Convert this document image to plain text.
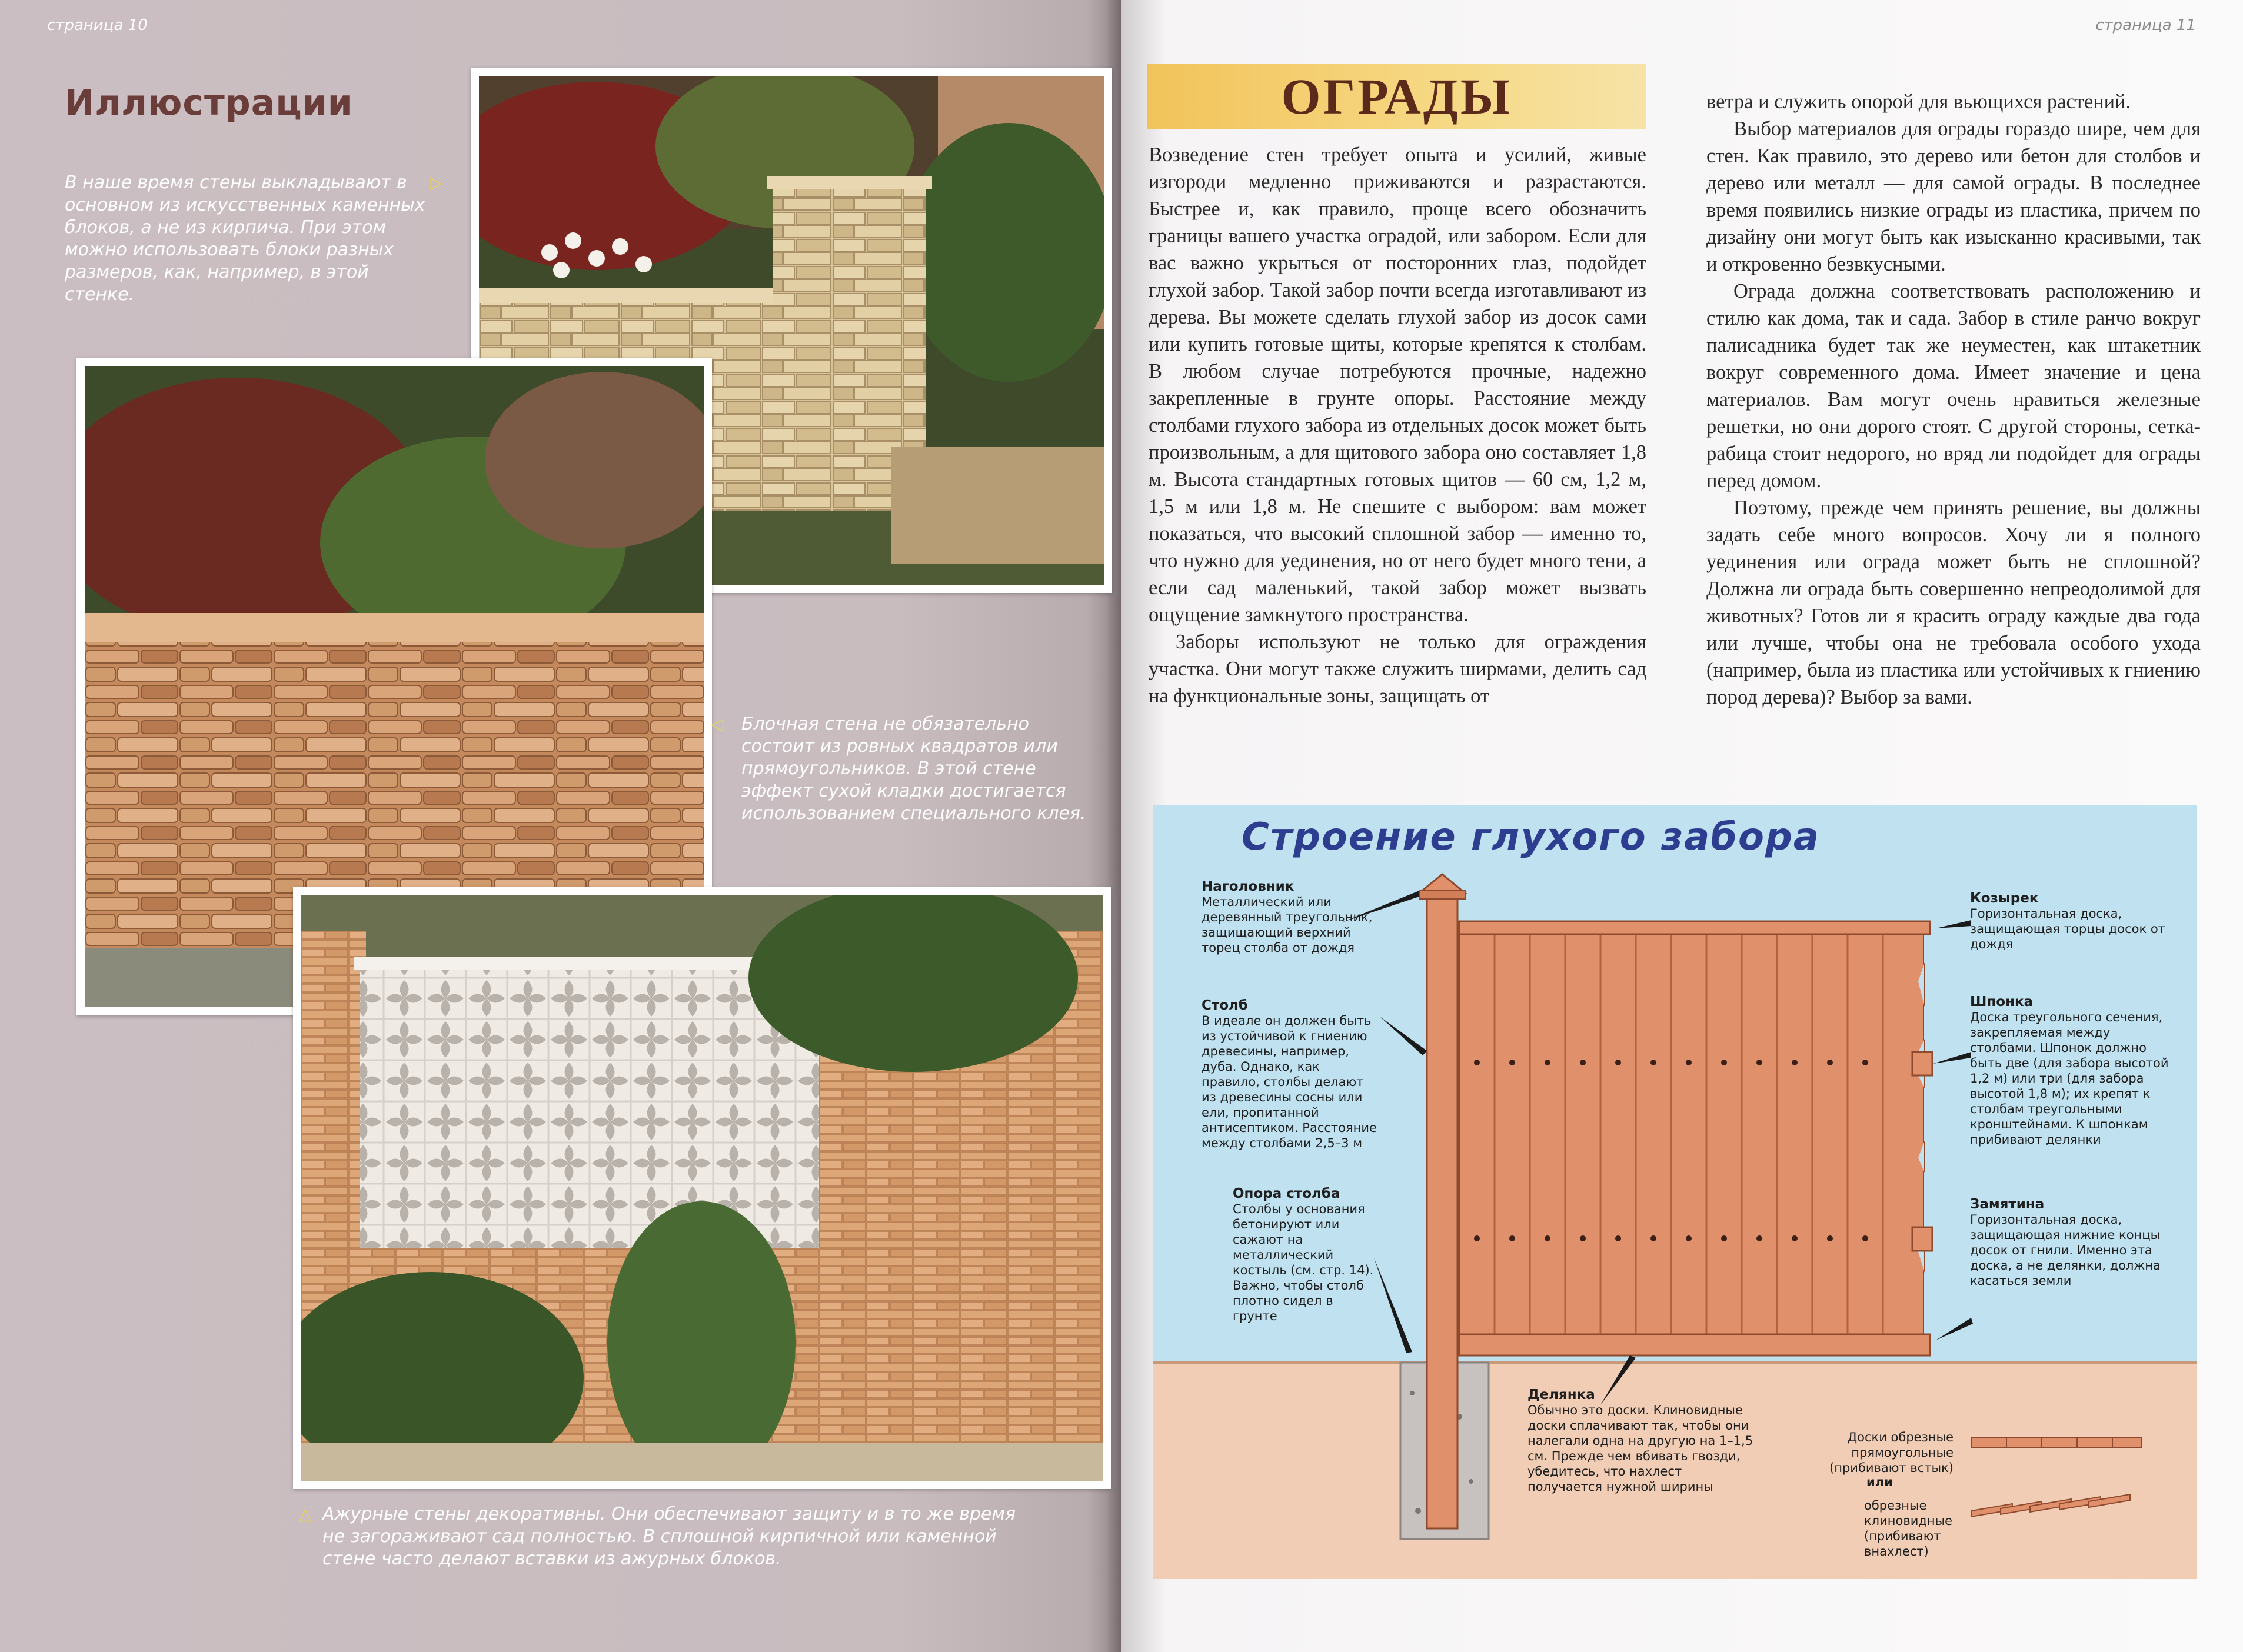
страница 10
Иллюстрации
▷
В наше время стены выкладывают в основном из искусственных каменных блоков, а не из кирпича. При этом можно использовать блоки разных размеров, как, например, в этой стенке.
◁ Блочная стена не обязательно состоит из ровных квадратов или прямоугольников. В этой стене эффект сухой кладки достигается использованием специального клея.
△ Ажурные стены декоративны. Они обеспечивают защиту и в то же время не загораживают сад полностью. В сплошной кирпичной или каменной стене часто делают вставки из ажурных блоков.
страница 11
ОГРАДЫ

Возведение стен требует опыта и усилий, живые изгороди медленно приживаются и разрастаются. Быстрее и, как правило, проще всего обозначить границы вашего участка оградой, или забором. Если для вас важно укрыться от посторонних глаз, подойдет глухой забор. Такой забор почти всегда изготавливают из дерева. Вы можете сделать глухой забор из досок сами или купить готовые щиты, которые крепятся к столбам. В любом случае потребуются прочные, надежно закрепленные в грунте опоры. Расстояние между столбами глухого забора из отдельных досок может быть произвольным, а для щитового забора оно составляет 1,8 м. Высота стандартных готовых щитов — 60 см, 1,2 м, 1,5 м или 1,8 м. Не спешите с выбором: вам может показаться, что высокий сплошной забор — именно то, что нужно для уединения, но от него будет много тени, а если сад маленький, такой забор может вызвать ощущение замкнутого пространства.

Заборы используют не только для ограждения участка. Они могут также служить ширмами, делить сад на функциональные зоны, защищать от

ветра и служить опорой для вьющихся растений.

Выбор материалов для ограды гораздо шире, чем для стен. Как правило, это дерево или бетон для столбов и дерево или металл — для самой ограды. В последнее время появились низкие ограды из пластика, причем по дизайну они могут быть как изысканно красивыми, так и откровенно безвкусными.

Ограда должна соответствовать расположению и стилю как дома, так и сада. Забор в стиле ранчо вокруг палисадника будет так же неуместен, как штакетник вокруг современного дома. Имеет значение и цена материалов. Вам могут очень нравиться железные решетки, но они дорого стоят. С другой стороны, сетка-рабица стоит недорого, но вряд ли подойдет для ограды перед домом.

Поэтому, прежде чем принять решение, вы должны задать себе много вопросов. Хочу ли я полного уединения или ограда может быть не сплошной? Должна ли ограда быть совершенно непреодолимой для животных? Готов ли я красить ограду каждые два года или лучше, чтобы она не требовала особого ухода (например, была из пластика или устойчивых к гниению пород дерева)? Выбор за вами.

Строение глухого забора
Наголовник
Металлический или деревянный треугольник, защищающий верхний торец столба от дождя
Столб
В идеале он должен быть из устойчивой к гниению древесины, например, дуба. Однако, как правило, столбы делают из древесины сосны или ели, пропитанной антисептиком. Расстояние между столбами 2,5–3 м
Опора столба
Столбы у основания бетонируют или сажают на металлический костыль (см. стр. 14). Важно, чтобы столб плотно сидел в грунте
Козырек
Горизонтальная доска, защищающая торцы досок от дождя
Шпонка
Доска треугольного сечения, закрепляемая между столбами. Шпонок должно быть две (для забора высотой 1,2 м) или три (для забора высотой 1,8 м); их крепят к столбам треугольными кронштейнами. К шпонкам прибивают делянки
Замятина
Горизонтальная доска, защищающая нижние концы досок от гнили. Именно эта доска, а не делянки, должна касаться земли
Делянка
Обычно это доски. Клиновидные доски сплачивают так, чтобы они налегали одна на другую на 1–1,5 см. Прежде чем вбивать гвозди, убедитесь, что нахлест получается нужной ширины
Доски обрезные прямоугольные (прибивают встык)
или
обрезные клиновидные (прибивают внахлест)
